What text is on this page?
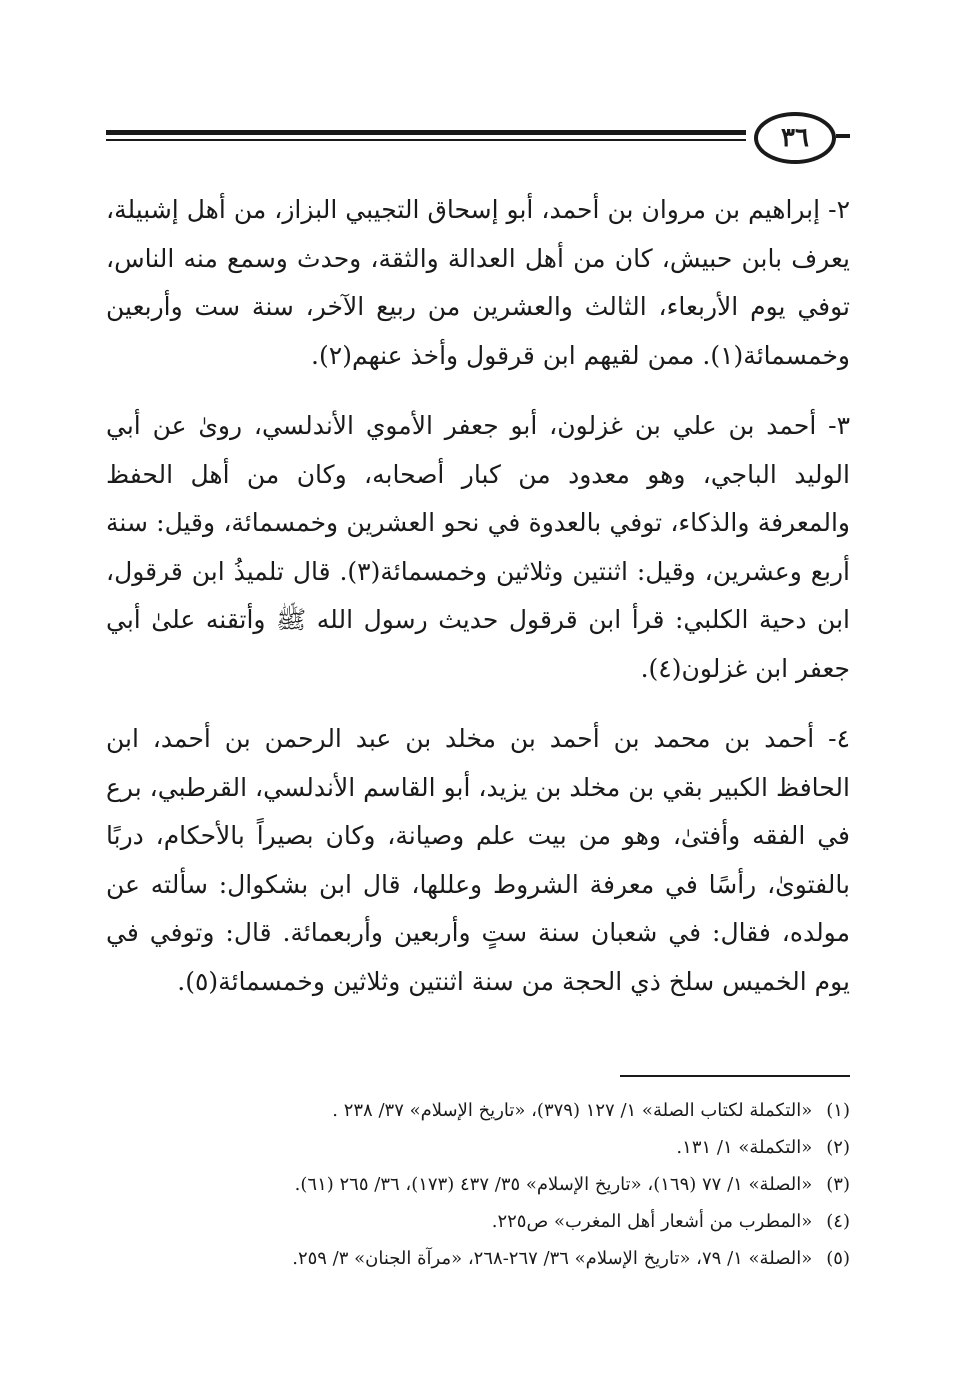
٣٦

٢- إبراهيم بن مروان بن أحمد، أبو إسحاق التجيبي البزاز، من أهل إشبيلة، يعرف بابن حبيش، كان من أهل العدالة والثقة، وحدث وسمع منه الناس، توفي يوم الأربعاء، الثالث والعشرين من ربيع الآخر، سنة ست وأربعين وخمسمائة(١). ممن لقيهم ابن قرقول وأخذ عنهم(٢).

٣- أحمد بن علي بن غزلون، أبو جعفر الأموي الأندلسي، روىٰ عن أبي الوليد الباجي، وهو معدود من كبار أصحابه، وكان من أهل الحفظ والمعرفة والذكاء، توفي بالعدوة في نحو العشرين وخمسمائة، وقيل: سنة أربع وعشرين، وقيل: اثنتين وثلاثين وخمسمائة(٣). قال تلميذُ ابن قرقول، ابن دحية الكلبي: قرأ ابن قرقول حديث رسول الله ﷺ وأتقنه علىٰ أبي جعفر ابن غزلون(٤).

٤- أحمد بن محمد بن أحمد بن مخلد بن عبد الرحمن بن أحمد، ابن الحافظ الكبير بقي بن مخلد بن يزيد، أبو القاسم الأندلسي، القرطبي، برع في الفقه وأفتىٰ، وهو من بيت علم وصيانة، وكان بصيراً بالأحكام، دربًا بالفتوىٰ، رأسًا في معرفة الشروط وعللها، قال ابن بشكوال: سألته عن مولده، فقال: في شعبان سنة ستٍ وأربعين وأربعمائة. قال: وتوفي في يوم الخميس سلخ ذي الحجة من سنة اثنتين وثلاثين وخمسمائة(٥).

(١)«التكملة لكتاب الصلة» ١/ ١٢٧ (٣٧٩)، «تاريخ الإسلام» ٣٧/ ٢٣٨ .
(٢)«التكملة» ١/ ١٣١.
(٣)«الصلة» ١/ ٧٧ (١٦٩)، «تاريخ الإسلام» ٣٥/ ٤٣٧ (١٧٣)، ٣٦/ ٢٦٥ (٦١).
(٤)«المطرب من أشعار أهل المغرب» ص٢٢٥.
(٥)«الصلة» ١/ ٧٩، «تاريخ الإسلام» ٣٦/ ٢٦٧-٢٦٨، «مرآة الجنان» ٣/ ٢٥٩.
